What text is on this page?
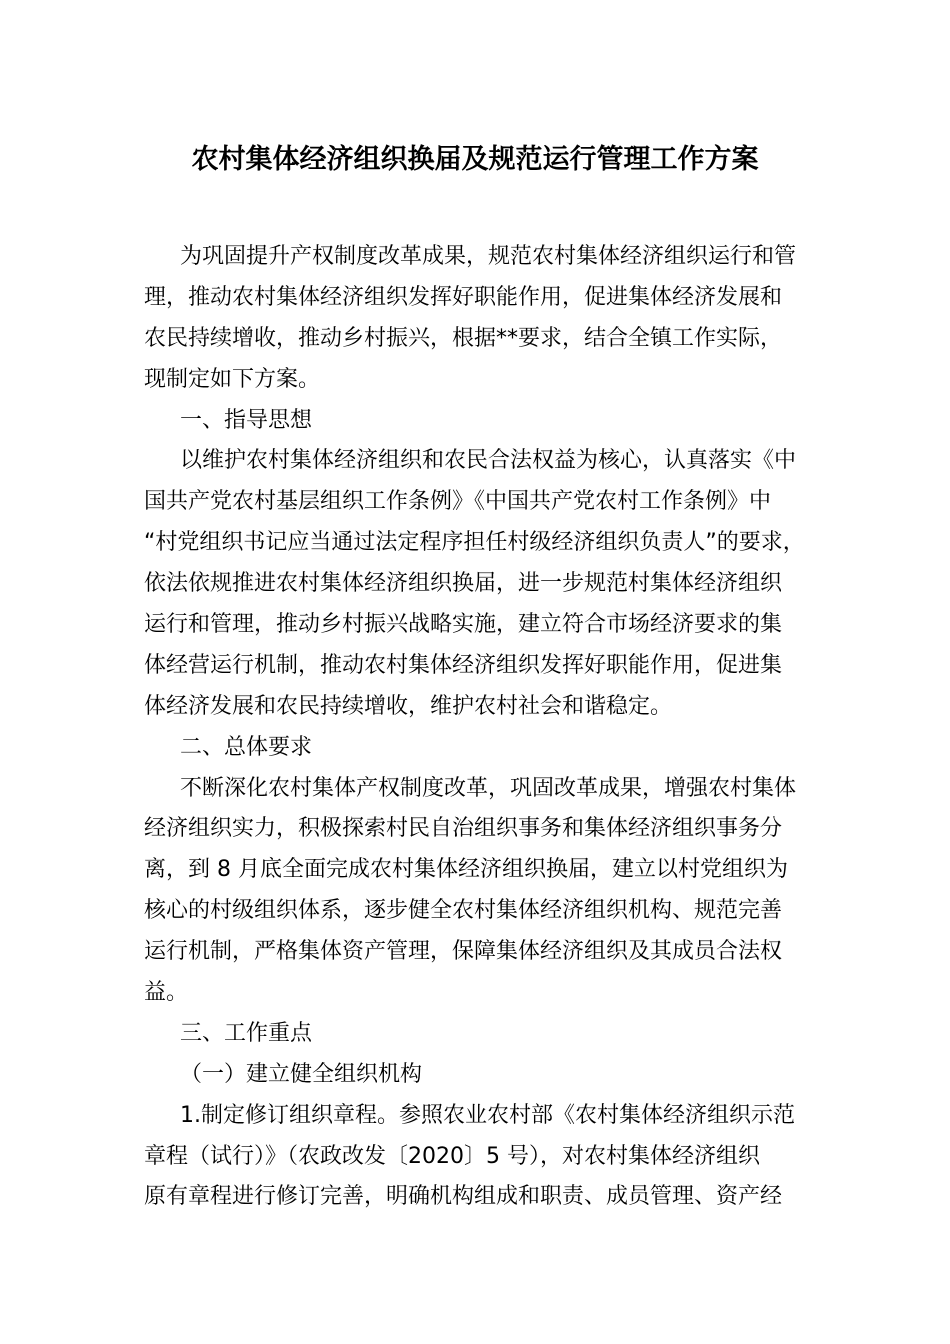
农村集体经济组织换届及规范运行管理工作方案
为巩固提升产权制度改革成果，规范农村集体经济组织运行和管
理，推动农村集体经济组织发挥好职能作用，促进集体经济发展和
农民持续增收，推动乡村振兴，根据**要求，结合全镇工作实际，
现制定如下方案。
一、指导思想
以维护农村集体经济组织和农民合法权益为核心，认真落实《中
国共产党农村基层组织工作条例》《中国共产党农村工作条例》中
“村党组织书记应当通过法定程序担任村级经济组织负责人”的要求，
依法依规推进农村集体经济组织换届，进一步规范村集体经济组织
运行和管理，推动乡村振兴战略实施，建立符合市场经济要求的集
体经营运行机制，推动农村集体经济组织发挥好职能作用，促进集
体经济发展和农民持续增收，维护农村社会和谐稳定。
二、总体要求
不断深化农村集体产权制度改革，巩固改革成果，增强农村集体
经济组织实力，积极探索村民自治组织事务和集体经济组织事务分
离，到 8 月底全面完成农村集体经济组织换届，建立以村党组织为
核心的村级组织体系，逐步健全农村集体经济组织机构、规范完善
运行机制，严格集体资产管理，保障集体经济组织及其成员合法权
益。
三、工作重点
（一）建立健全组织机构
1.制定修订组织章程。参照农业农村部《农村集体经济组织示范
章程（试行）》（农政改发〔2020〕5 号），对农村集体经济组织
原有章程进行修订完善，明确机构组成和职责、成员管理、资产经
